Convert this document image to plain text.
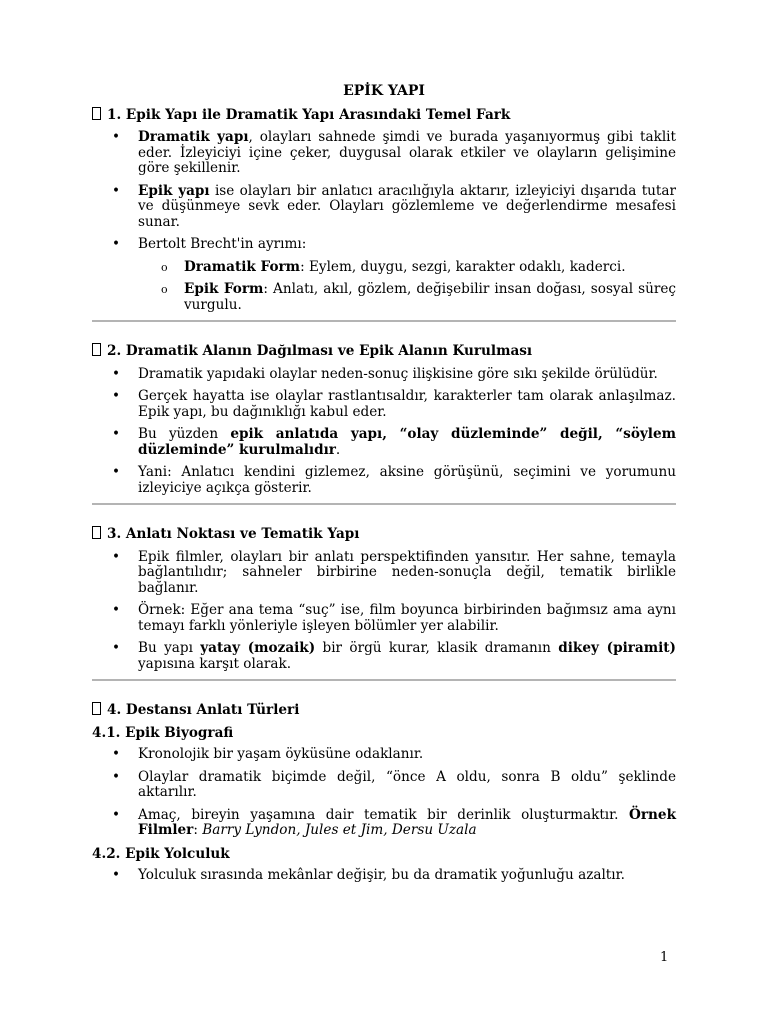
EPİK YAPI
1. Epik Yapı ile Dramatik Yapı Arasındaki Temel Fark
• Dramatik yapı, olayları sahnede şimdi ve burada yaşanıyormuş gibi taklit eder. İzleyiciyi içine çeker, duygusal olarak etkiler ve olayların gelişimine göre şekillenir.
• Epik yapı ise olayları bir anlatıcı aracılığıyla aktarır, izleyiciyi dışarıda tutar ve düşünmeye sevk eder. Olayları gözlemleme ve değerlendirme mesafesi sunar.
• Bertolt Brecht'in ayrımı:
o Dramatik Form: Eylem, duygu, sezgi, karakter odaklı, kaderci.
o Epik Form: Anlatı, akıl, gözlem, değişebilir insan doğası, sosyal süreç vurgulu.
2. Dramatik Alanın Dağılması ve Epik Alanın Kurulması
• Dramatik yapıdaki olaylar neden-sonuç ilişkisine göre sıkı şekilde örülüdür.
• Gerçek hayatta ise olaylar rastlantısaldır, karakterler tam olarak anlaşılmaz. Epik yapı, bu dağınıklığı kabul eder.
• Bu yüzden epik anlatıda yapı, “olay düzleminde” değil, “söylem düzleminde” kurulmalıdır.
• Yani: Anlatıcı kendini gizlemez, aksine görüşünü, seçimini ve yorumunu izleyiciye açıkça gösterir.
3. Anlatı Noktası ve Tematik Yapı
• Epik filmler, olayları bir anlatı perspektifinden yansıtır. Her sahne, temayla bağlantılıdır; sahneler birbirine neden-sonuçla değil, tematik birlikle bağlanır.
• Örnek: Eğer ana tema “suç” ise, film boyunca birbirinden bağımsız ama aynı temayı farklı yönleriyle işleyen bölümler yer alabilir.
• Bu yapı yatay (mozaik) bir örgü kurar, klasik dramanın dikey (piramit) yapısına karşıt olarak.
4. Destansı Anlatı Türleri
4.1. Epik Biyografi
• Kronolojik bir yaşam öyküsüne odaklanır.
• Olaylar dramatik biçimde değil, “önce A oldu, sonra B oldu” şeklinde aktarılır.
• Amaç, bireyin yaşamına dair tematik bir derinlik oluşturmaktır. Örnek Filmler: Barry Lyndon, Jules et Jim, Dersu Uzala
4.2. Epik Yolculuk
• Yolculuk sırasında mekânlar değişir, bu da dramatik yoğunluğu azaltır.
1
